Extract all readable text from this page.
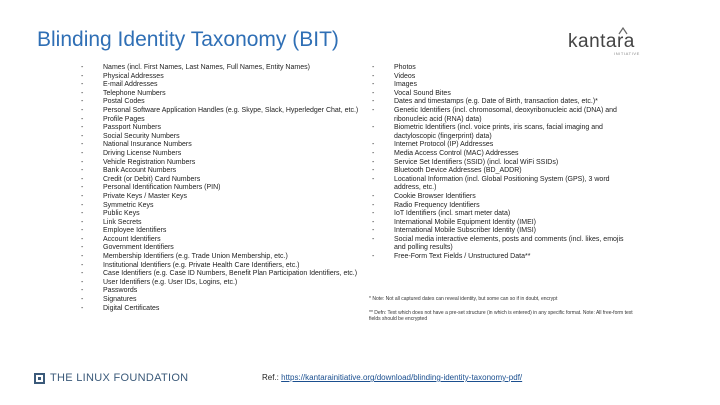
Blinding Identity Taxonomy (BIT)	kantara
INITIATIVE
- Names (incl. First Names, Last Names, Full Names, Entity Names)
- Physical Addresses
- E-mail Addresses
- Telephone Numbers
- Postal Codes
- Personal Software Application Handles (e.g. Skype, Slack, Hyperledger Chat, etc.)
- Profile Pages
- Passport Numbers
- Social Security Numbers
- National Insurance Numbers
- Driving License Numbers
- Vehicle Registration Numbers
- Bank Account Numbers
- Credit (or Debit) Card Numbers
- Personal Identification Numbers (PIN)
- Private Keys / Master Keys
- Symmetric Keys
- Public Keys
- Link Secrets
- Employee Identifiers
- Account Identifiers
- Government Identifiers
- Membership Identifiers (e.g. Trade Union Membership, etc.)
- Institutional Identifiers (e.g. Private Health Care Identifiers, etc.)
- Case Identifiers (e.g. Case ID Numbers, Benefit Plan Participation Identifiers, etc.)
- User Identifiers (e.g. User IDs, Logins, etc.)
- Passwords
- Signatures
- Digital Certificates
- Photos
- Videos
- Images
- Vocal Sound Bites
- Dates and timestamps (e.g. Date of Birth, transaction dates, etc.)*
- Genetic Identifiers (incl. chromosomal, deoxyribonucleic acid (DNA) and ribonucleic acid (RNA) data)
- Biometric Identifiers (incl. voice prints, iris scans, facial imaging and dactyloscopic (fingerprint) data)
- Internet Protocol (IP) Addresses
- Media Access Control (MAC) Addresses
- Service Set Identifiers (SSID) (incl. local WiFi SSIDs)
- Bluetooth Device Addresses (BD_ADDR)
- Locational Information (incl. Global Positioning System (GPS), 3 word address, etc.)
- Cookie Browser Identifiers
- Radio Frequency Identifiers
- IoT Identifiers (incl. smart meter data)
- International Mobile Equipment Identity (IMEI)
- International Mobile Subscriber Identity (IMSI)
- Social media interactive elements, posts and comments (incl. likes, emojis and polling results)
- Free-Form Text Fields / Unstructured Data**

* Note: Not all captured dates can reveal identity, but some can so if in doubt, encrypt

** Defn: Text which does not have a pre-set structure (in which is entered) in any specific format. Note: All free-form text fields should be encrypted

THE LINUX FOUNDATION	Ref.: https://kantarainitiative.org/download/blinding-identity-taxonomy-pdf/
